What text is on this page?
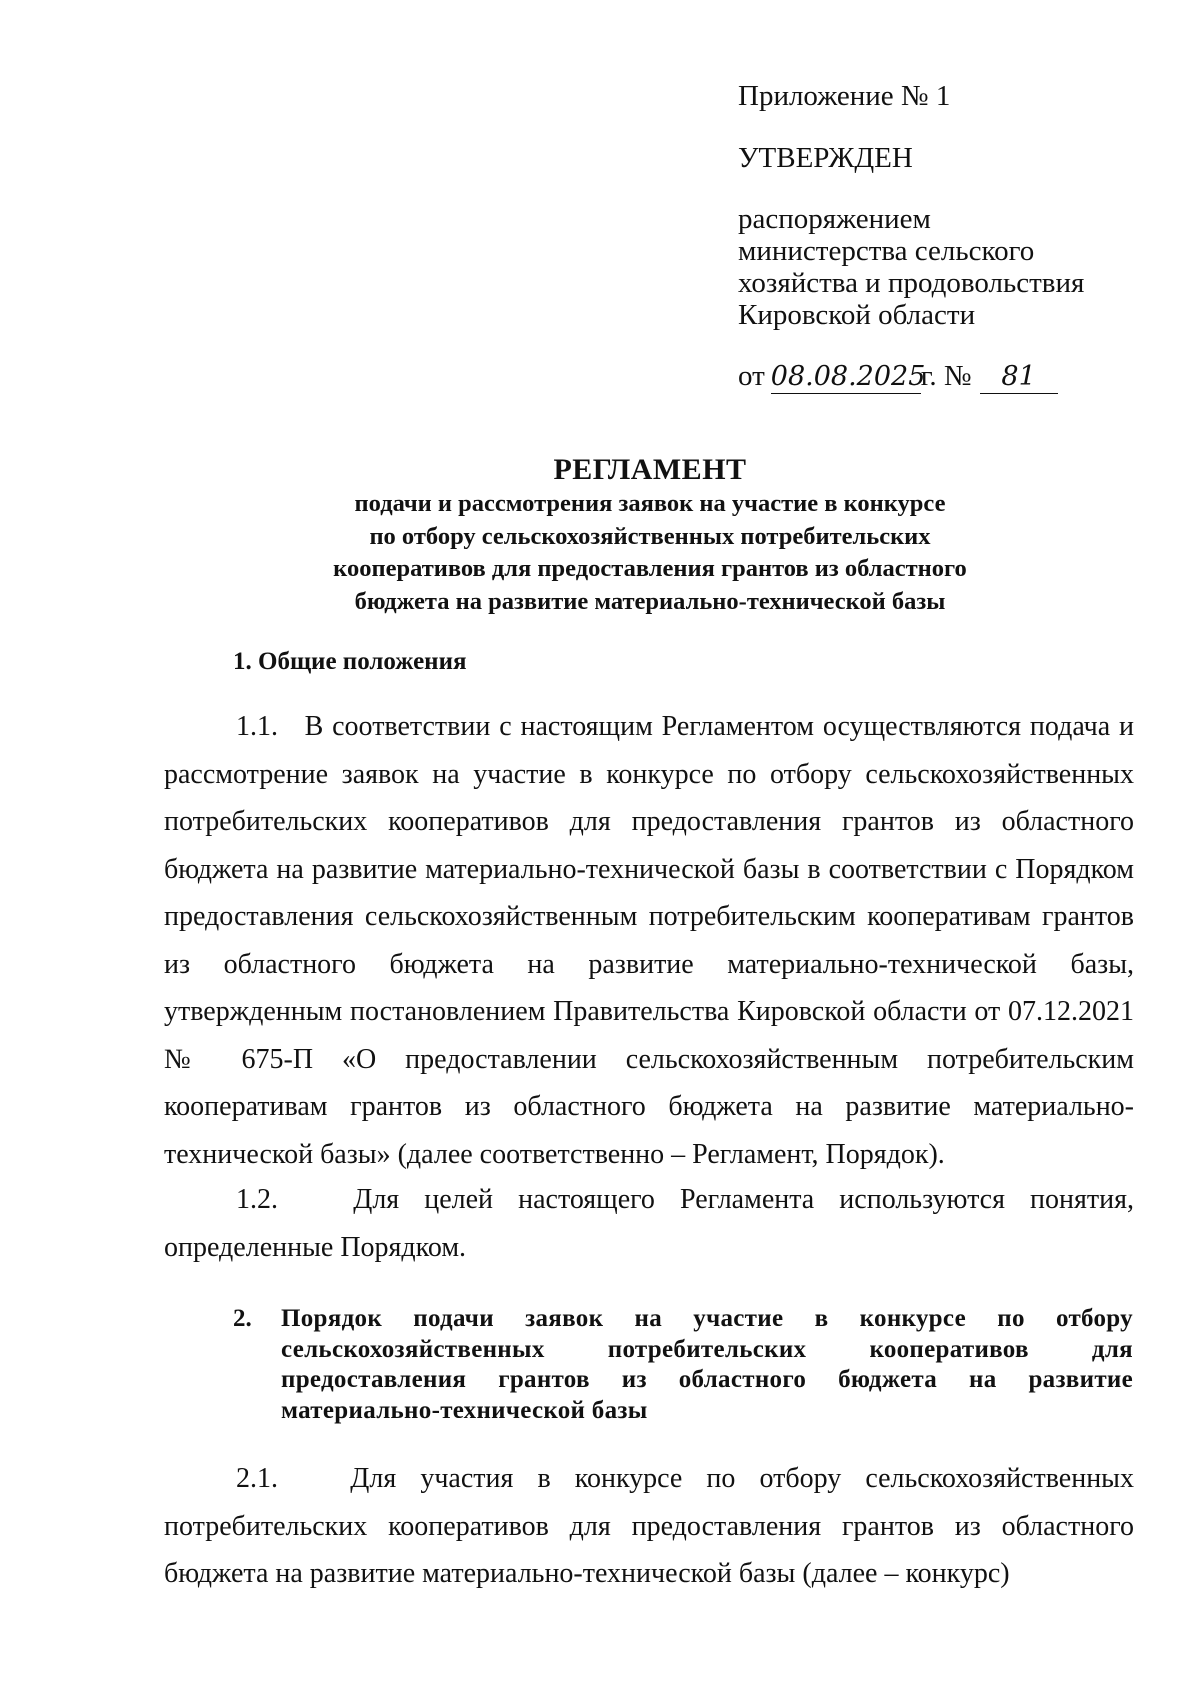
Приложение № 1
УТВЕРЖДЕН
распоряжением
министерства сельского
хозяйства и продовольствия
Кировской области
от 08.08.2025г. № 81
РЕГЛАМЕНТ
подачи и рассмотрения заявок на участие в конкурсе
по отбору сельскохозяйственных потребительских
кооперативов для предоставления грантов из областного
бюджета на развитие материально-технической базы
1. Общие положения
1.1. В соответствии с настоящим Регламентом осуществляются подача и рассмотрение заявок на участие в конкурсе по отбору сельскохозяйственных потребительских кооперативов для предоставления грантов из областного бюджета на развитие материально-технической базы в соответствии с Порядком предоставления сельскохозяйственным потребительским кооперативам грантов из областного бюджета на развитие материально-технической базы, утвержденным постановлением Правительства Кировской области от 07.12.2021 № 675-П «О предоставлении сельскохозяйственным потребительским кооперативам грантов из областного бюджета на развитие материально-технической базы» (далее соответственно – Регламент, Порядок).
1.2.	Для целей настоящего Регламента используются понятия, определенные Порядком.
2. Порядок подачи заявок на участие в конкурсе по отбору сельскохозяйственных потребительских кооперативов для предоставления грантов из областного бюджета на развитие материально-технической базы
2.1.	Для участия в конкурсе по отбору сельскохозяйственных потребительских кооперативов для предоставления грантов из областного бюджета на развитие материально-технической базы (далее – конкурс)
